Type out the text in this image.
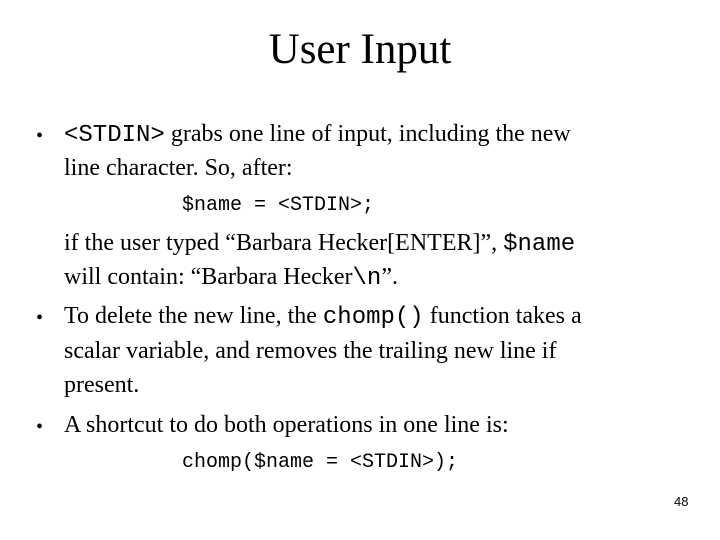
User Input
• <STDIN> grabs one line of input, including the new
line character. So, after:
$name = <STDIN>;
if the user typed “Barbara Hecker[ENTER]”, $name
will contain: “Barbara Hecker\n”.
• To delete the new line, the chomp() function takes a
scalar variable, and removes the trailing new line if
present.
• A shortcut to do both operations in one line is:
chomp($name = <STDIN>);
48
